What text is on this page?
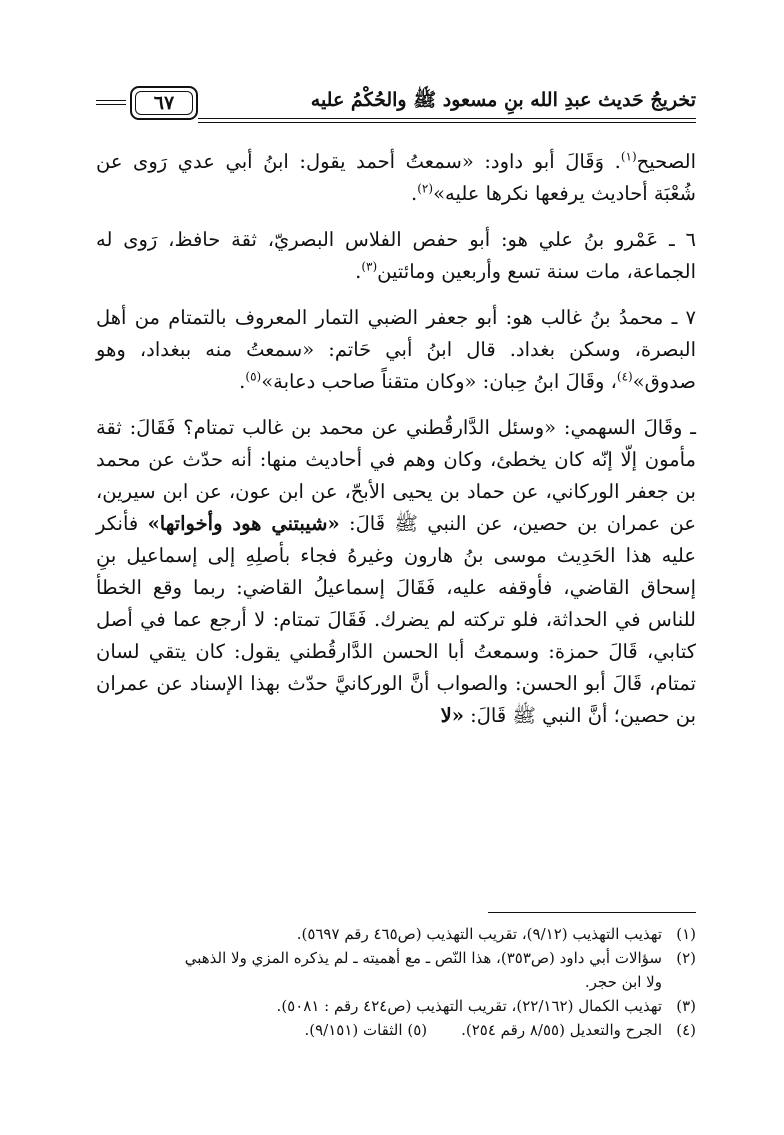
تخريجُ حَديث عبدِ الله بنِ مسعود ﷺ والحُكْمُ عليه
٦٧

الصحيح$^{(١)}$. وَقَالَ أبو داود: «سمعتُ أحمد يقول: ابنُ أبي عدي رَوى عن شُعْبَة أحاديث يرفعها نكرها عليه»$^{(٢)}$.

٦ ـ عَمْرو بنُ علي هو: أبو حفص الفلاس البصريّ، ثقة حافظ، رَوى له الجماعة، مات سنة تسع وأربعين ومائتين$^{(٣)}$.

٧ ـ محمدُ بنُ غالب هو: أبو جعفر الضبي التمار المعروف بالتمتام من أهل البصرة، وسكن بغداد. قال ابنُ أبي حَاتم: «سمعتُ منه ببغداد، وهو صدوق»$^{(٤)}$، وقَالَ ابنُ حِبان: «وكان متقناً صاحب دعابة»$^{(٥)}$.

ـ وقَالَ السهمي: «وسئل الدَّارقُطني عن محمد بن غالب تمتام؟ فَقَالَ: ثقة مأمون إلّا إنّه كان يخطئ، وكان وهم في أحاديث منها: أنه حدّث عن محمد بن جعفر الوركاني، عن حماد بن يحيى الأبحّ، عن ابن عون، عن ابن سيرين، عن عمران بن حصين، عن النبي ﷺ قَالَ: «شيبتني هود وأخواتها» فأنكر عليه هذا الحَدِيث موسى بنُ هارون وغيرهُ فجاء بأصلِهِ إلى إسماعيل بنِ إسحاق القاضي، فأوقفه عليه، فَقَالَ إسماعيلُ القاضي: ربما وقع الخطأ للناس في الحداثة، فلو تركته لم يضرك. فَقَالَ تمتام: لا أرجع عما في أصل كتابي، قَالَ حمزة: وسمعتُ أبا الحسن الدَّارقُطني يقول: كان يتقي لسان تمتام، قَالَ أبو الحسن: والصواب أنَّ الوركانيَّ حدّث بهذا الإسناد عن عمران بن حصين؛ أنَّ النبي ﷺ قَالَ: «لا

(١)تهذيب التهذيب (٩/١٢)، تقريب التهذيب (ص٤٦٥ رقم ٥٦٩٧).

(٢)سؤالات أبي داود (ص٣٥٣)، هذا النّص ـ مع أهميته ـ لم يذكره المزي ولا الذهبي

ولا ابن حجر.

(٣)تهذيب الكمال (٢٢/١٦٢)، تقريب التهذيب (ص٤٢٤ رقم : ٥٠٨١).

(٤)الجرح والتعديل (٨/٥٥ رقم ٢٥٤).(٥) الثقات (٩/١٥١).
